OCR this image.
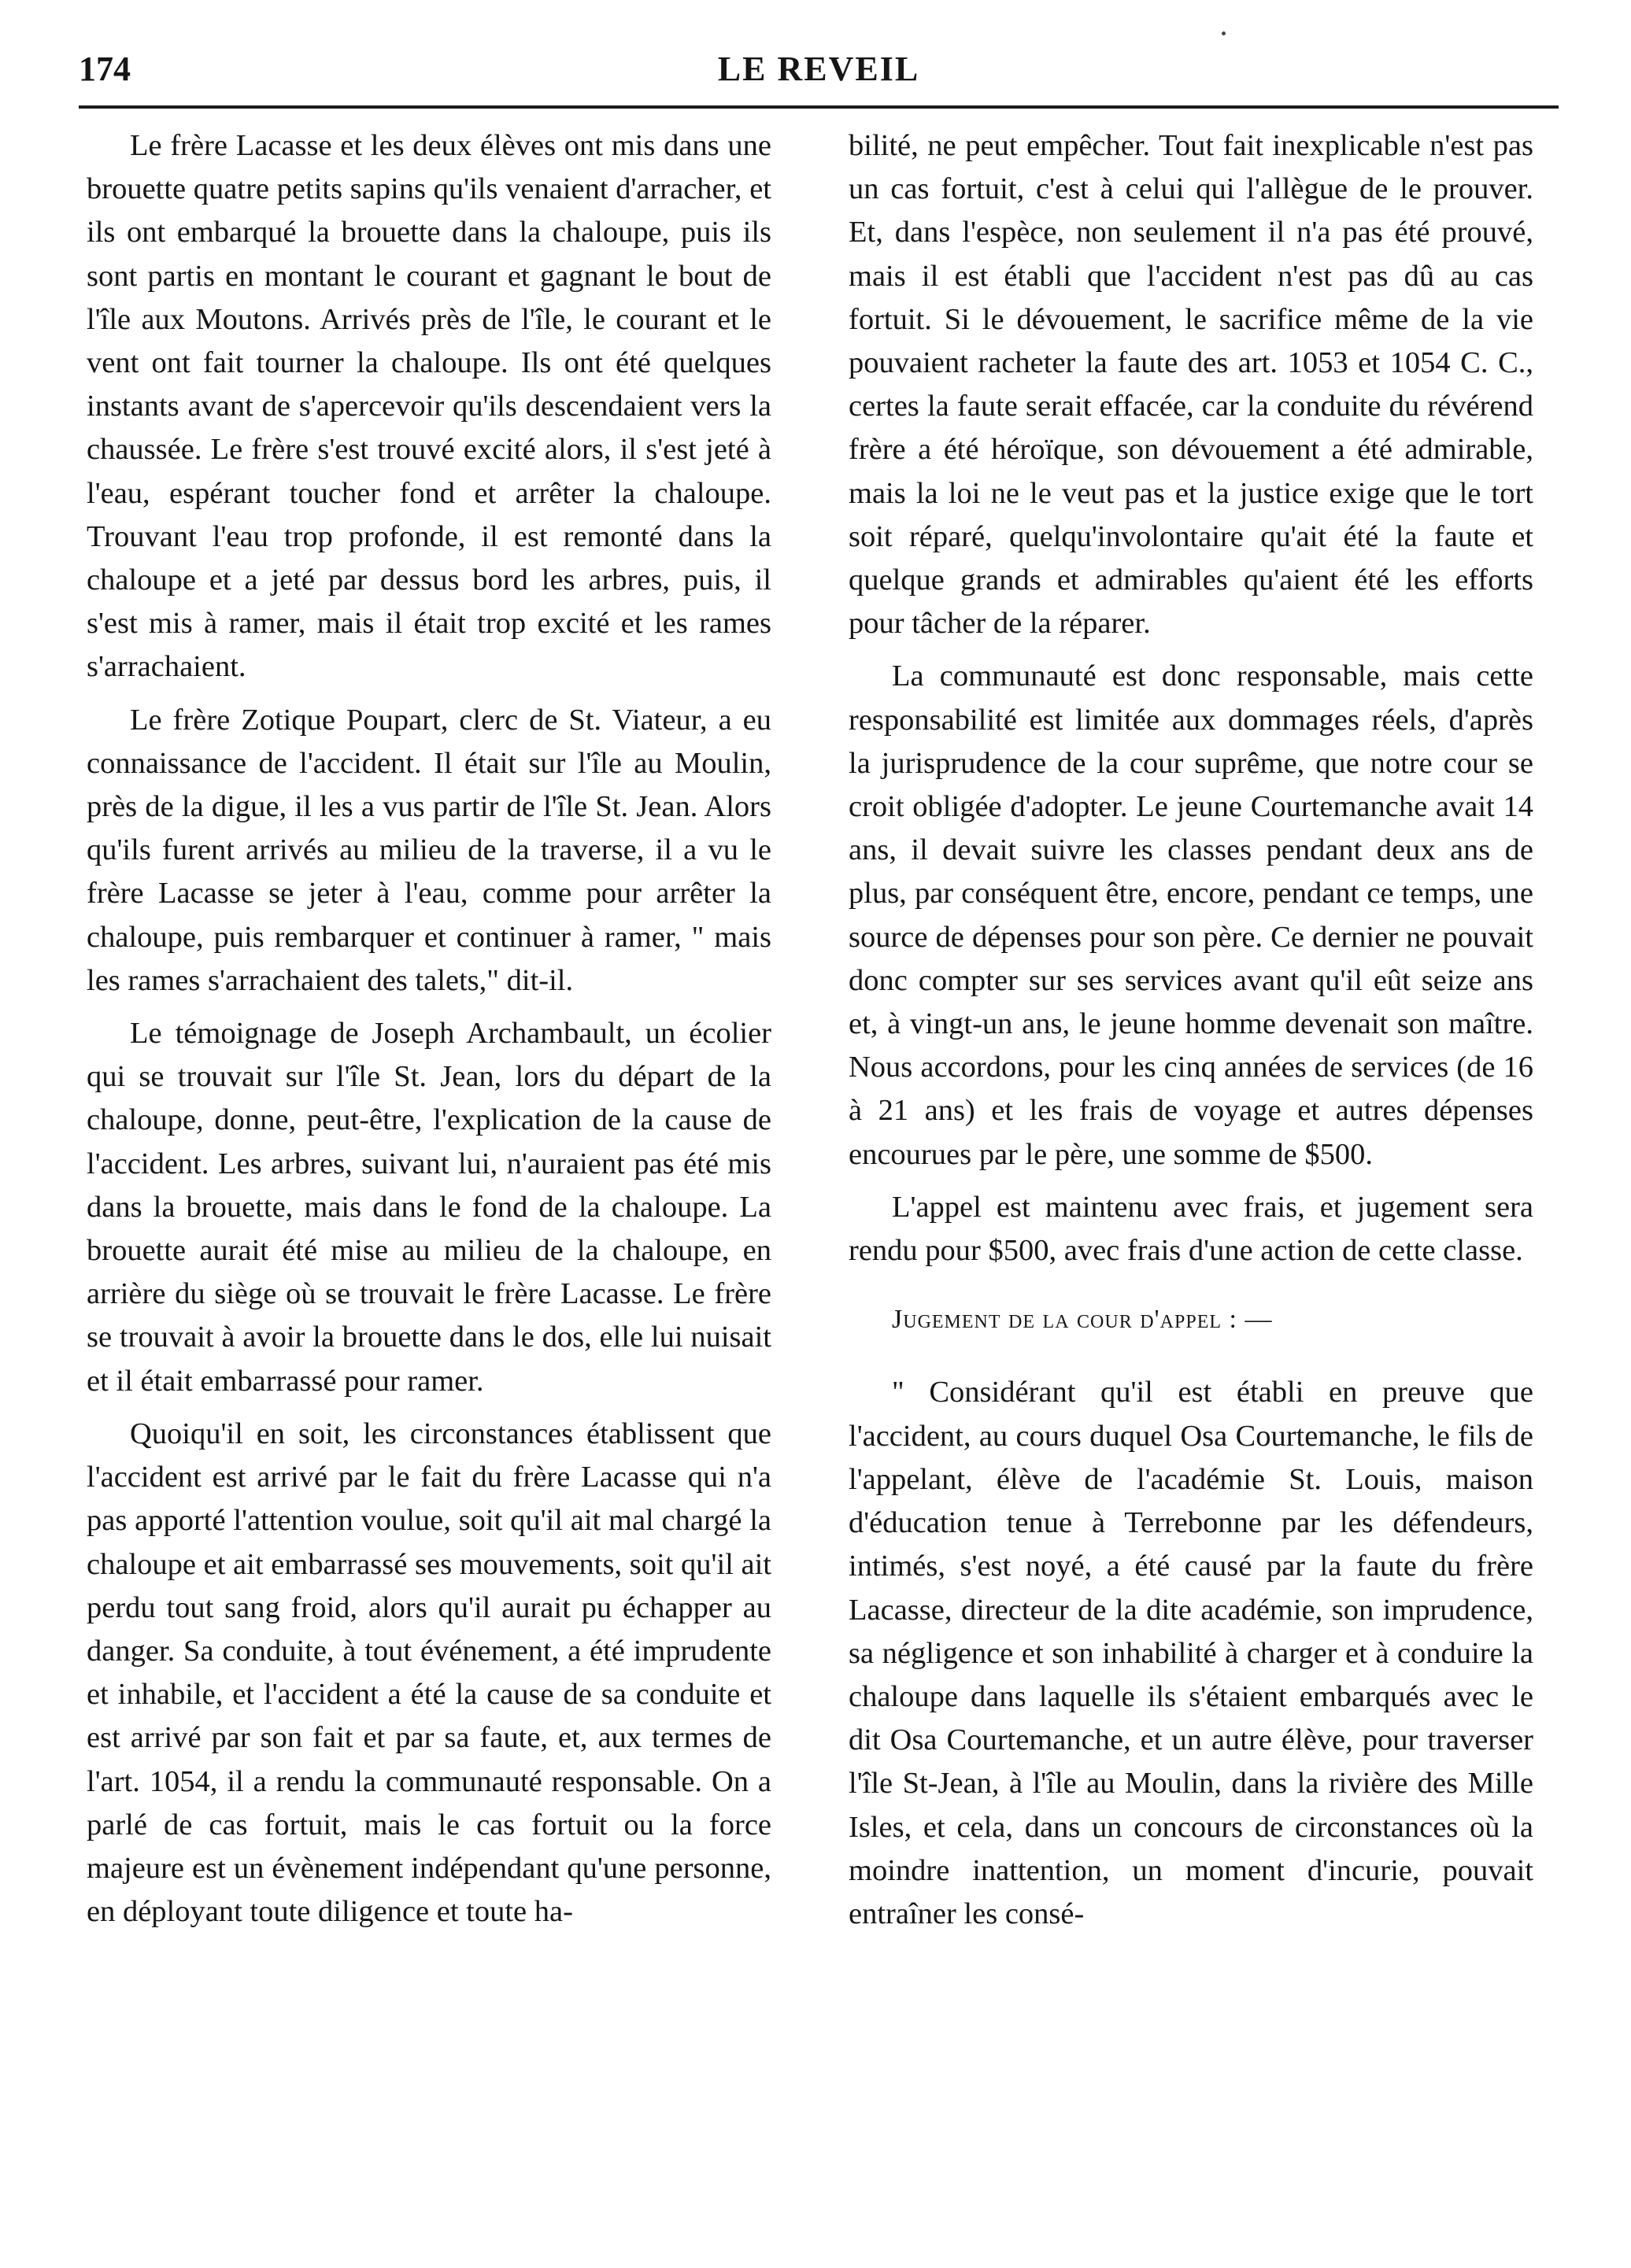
174	LE REVEIL

Le frère Lacasse et les deux élèves ont mis dans une brouette quatre petits sapins qu'ils venaient d'arracher, et ils ont embarqué la brouette dans la chaloupe, puis ils sont partis en montant le courant et gagnant le bout de l'île aux Moutons. Arrivés près de l'île, le courant et le vent ont fait tourner la chaloupe. Ils ont été quelques instants avant de s'apercevoir qu'ils descendaient vers la chaussée. Le frère s'est trouvé excité alors, il s'est jeté à l'eau, espérant toucher fond et arrêter la chaloupe. Trouvant l'eau trop profonde, il est remonté dans la chaloupe et a jeté par dessus bord les arbres, puis, il s'est mis à ramer, mais il était trop excité et les rames s'arrachaient.

Le frère Zotique Poupart, clerc de St. Viateur, a eu connaissance de l'accident. Il était sur l'île au Moulin, près de la digue, il les a vus partir de l'île St. Jean. Alors qu'ils furent arrivés au milieu de la traverse, il a vu le frère Lacasse se jeter à l'eau, comme pour arrêter la chaloupe, puis rembarquer et continuer à ramer, " mais les rames s'arrachaient des talets," dit-il.

Le témoignage de Joseph Archambault, un écolier qui se trouvait sur l'île St. Jean, lors du départ de la chaloupe, donne, peut-être, l'explication de la cause de l'accident. Les arbres, suivant lui, n'auraient pas été mis dans la brouette, mais dans le fond de la chaloupe. La brouette aurait été mise au milieu de la chaloupe, en arrière du siège où se trouvait le frère Lacasse. Le frère se trouvait à avoir la brouette dans le dos, elle lui nuisait et il était embarrassé pour ramer.

Quoiqu'il en soit, les circonstances établissent que l'accident est arrivé par le fait du frère Lacasse qui n'a pas apporté l'attention voulue, soit qu'il ait mal chargé la chaloupe et ait embarrassé ses mouvements, soit qu'il ait perdu tout sang froid, alors qu'il aurait pu échapper au danger. Sa conduite, à tout événement, a été imprudente et inhabile, et l'accident a été la cause de sa conduite et est arrivé par son fait et par sa faute, et, aux termes de l'art. 1054, il a rendu la communauté responsable. On a parlé de cas fortuit, mais le cas fortuit ou la force majeure est un évènement indépendant qu'une personne, en déployant toute diligence et toute ha-

bilité, ne peut empêcher. Tout fait inexplicable n'est pas un cas fortuit, c'est à celui qui l'allègue de le prouver. Et, dans l'espèce, non seulement il n'a pas été prouvé, mais il est établi que l'accident n'est pas dû au cas fortuit. Si le dévouement, le sacrifice même de la vie pouvaient racheter la faute des art. 1053 et 1054 C. C., certes la faute serait effacée, car la conduite du révérend frère a été héroïque, son dévouement a été admirable, mais la loi ne le veut pas et la justice exige que le tort soit réparé, quelqu'involontaire qu'ait été la faute et quelque grands et admirables qu'aient été les efforts pour tâcher de la réparer.

La communauté est donc responsable, mais cette responsabilité est limitée aux dommages réels, d'après la jurisprudence de la cour suprême, que notre cour se croit obligée d'adopter. Le jeune Courtemanche avait 14 ans, il devait suivre les classes pendant deux ans de plus, par conséquent être, encore, pendant ce temps, une source de dépenses pour son père. Ce dernier ne pouvait donc compter sur ses services avant qu'il eût seize ans et, à vingt-un ans, le jeune homme devenait son maître. Nous accordons, pour les cinq années de services (de 16 à 21 ans) et les frais de voyage et autres dépenses encourues par le père, une somme de $500.

L'appel est maintenu avec frais, et jugement sera rendu pour $500, avec frais d'une action de cette classe.

Jugement de la cour d'appel : —

" Considérant qu'il est établi en preuve que l'accident, au cours duquel Osa Courtemanche, le fils de l'appelant, élève de l'académie St. Louis, maison d'éducation tenue à Terrebonne par les défendeurs, intimés, s'est noyé, a été causé par la faute du frère Lacasse, directeur de la dite académie, son imprudence, sa négligence et son inhabilité à charger et à conduire la chaloupe dans laquelle ils s'étaient embarqués avec le dit Osa Courtemanche, et un autre élève, pour traverser l'île St-Jean, à l'île au Moulin, dans la rivière des Mille Isles, et cela, dans un concours de circonstances où la moindre inattention, un moment d'incurie, pouvait entraîner les consé-
